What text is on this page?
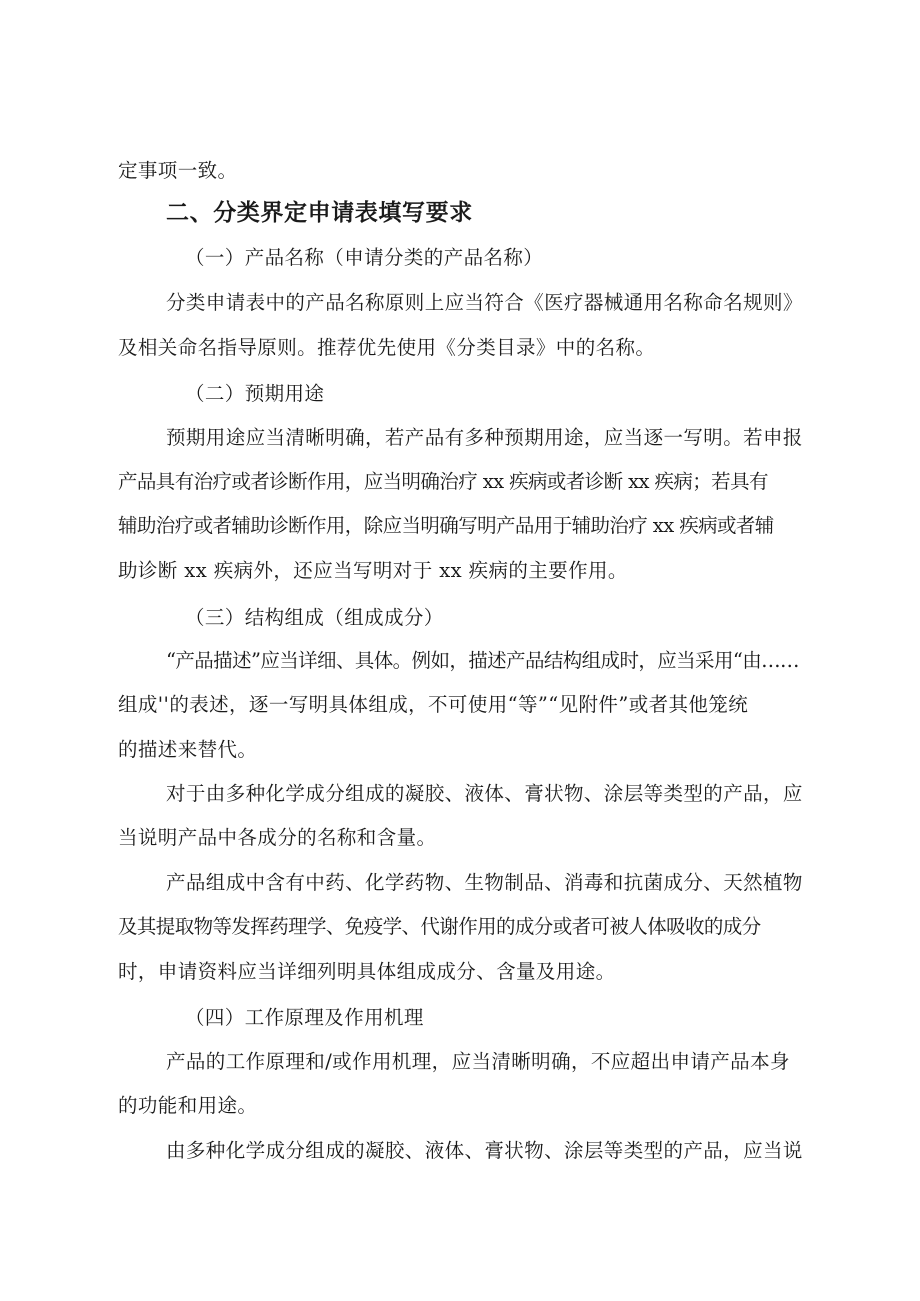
定事项一致。
二、分类界定申请表填写要求
（一）产品名称（申请分类的产品名称）
分类申请表中的产品名称原则上应当符合《医疗器械通用名称命名规则》
及相关命名指导原则。推荐优先使用《分类目录》中的名称。
（二）预期用途
预期用途应当清晰明确，若产品有多种预期用途，应当逐一写明。若申报
产品具有治疗或者诊断作用，应当明确治疗 xx 疾病或者诊断 xx 疾病；若具有
辅助治疗或者辅助诊断作用，除应当明确写明产品用于辅助治疗 xx 疾病或者辅
助诊断 xx 疾病外，还应当写明对于 xx 疾病的主要作用。
（三）结构组成（组成成分）
“产品描述”应当详细、具体。例如，描述产品结构组成时，应当采用“由……
组成''的表述，逐一写明具体组成，不可使用“等”“见附件”或者其他笼统
的描述来替代。
对于由多种化学成分组成的凝胶、液体、膏状物、涂层等类型的产品，应
当说明产品中各成分的名称和含量。
产品组成中含有中药、化学药物、生物制品、消毒和抗菌成分、天然植物
及其提取物等发挥药理学、免疫学、代谢作用的成分或者可被人体吸收的成分
时，申请资料应当详细列明具体组成成分、含量及用途。
（四）工作原理及作用机理
产品的工作原理和/或作用机理，应当清晰明确，不应超出申请产品本身
的功能和用途。
由多种化学成分组成的凝胶、液体、膏状物、涂层等类型的产品，应当说
